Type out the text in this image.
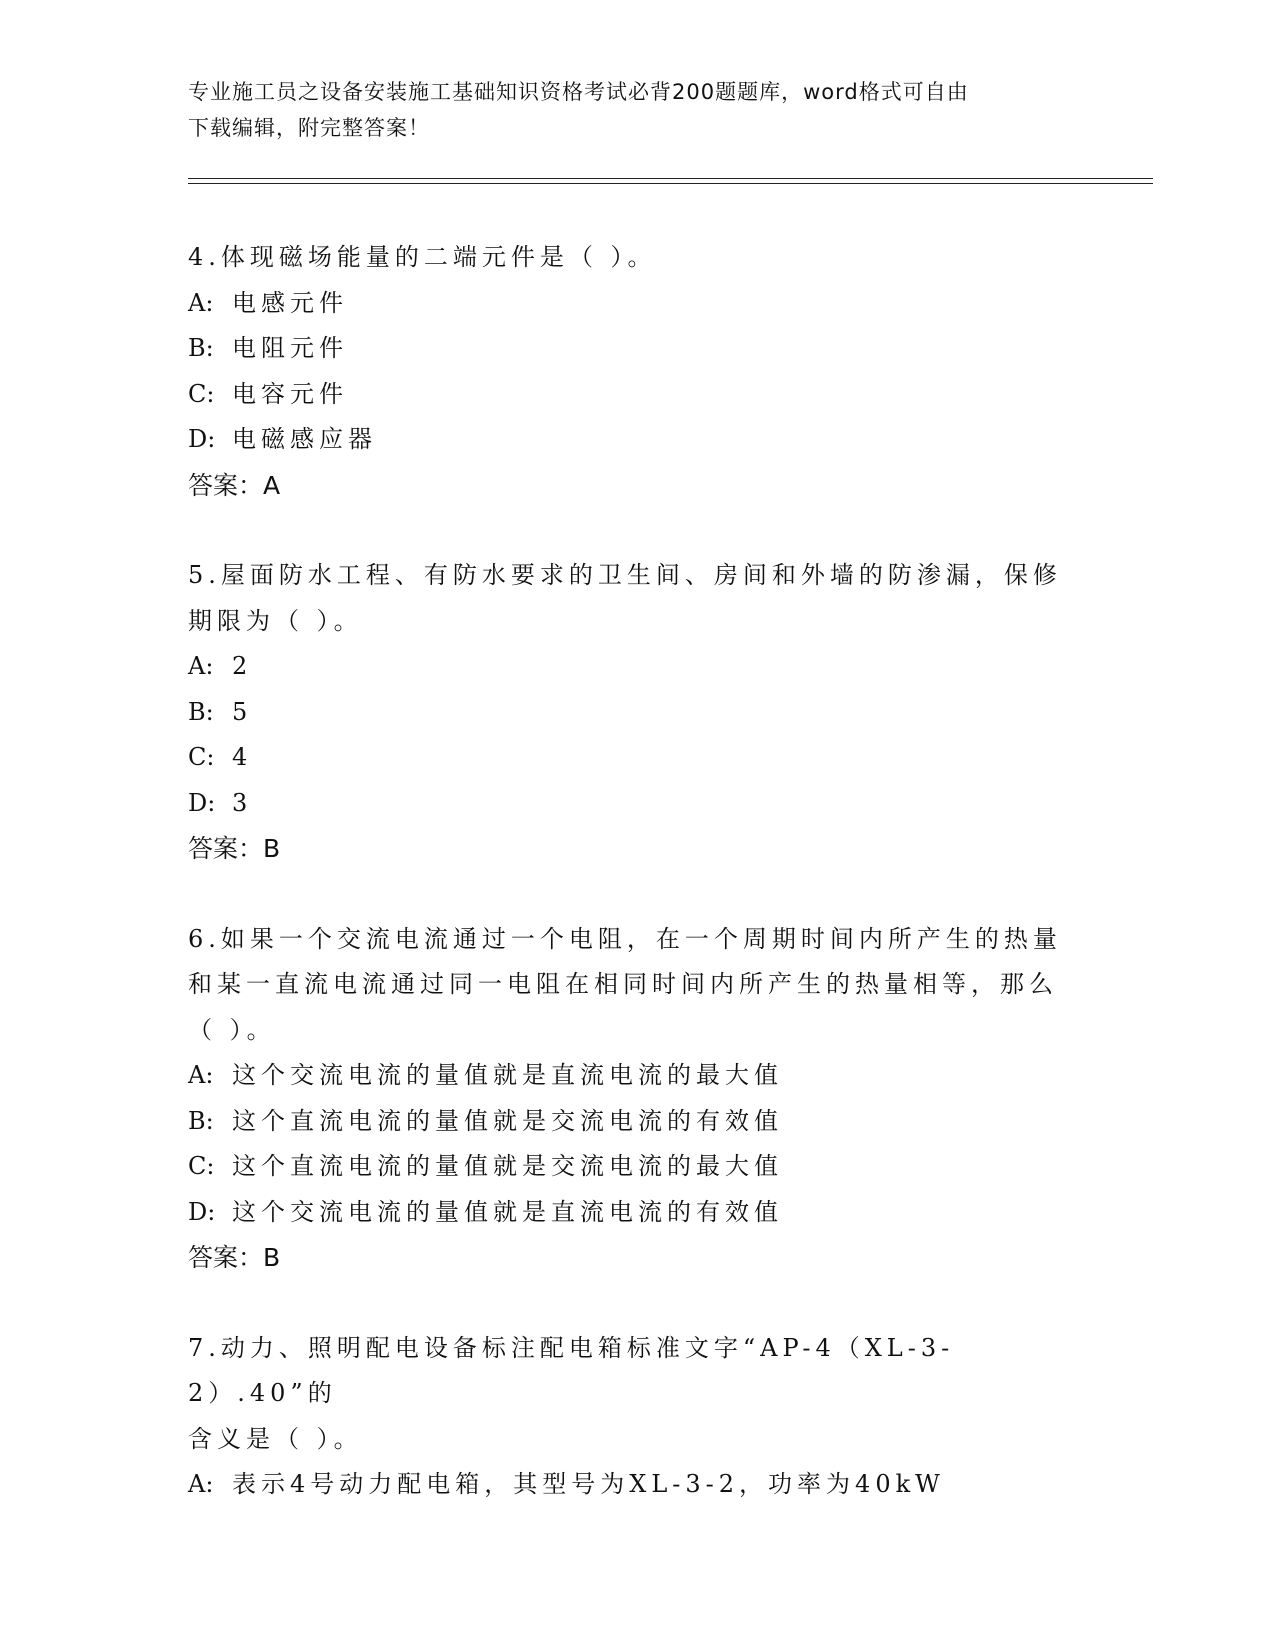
专业施工员之设备安装施工基础知识资格考试必背200题题库，word格式可自由
下载编辑，附完整答案！

4.体现磁场能量的二端元件是（ ）。

A: 电感元件

B: 电阻元件

C: 电容元件

D: 电磁感应器

答案：A

5.屋面防水工程、有防水要求的卫生间、房间和外墙的防渗漏，保修

期限为（ ）。

A: 2

B: 5

C: 4

D: 3

答案：B

6.如果一个交流电流通过一个电阻，在一个周期时间内所产生的热量

和某一直流电流通过同一电阻在相同时间内所产生的热量相等，那么

（ ）。

A: 这个交流电流的量值就是直流电流的最大值

B: 这个直流电流的量值就是交流电流的有效值

C: 这个直流电流的量值就是交流电流的最大值

D: 这个交流电流的量值就是直流电流的有效值

答案：B

7.动力、照明配电设备标注配电箱标准文字“AP-4（XL-3-2）.40”的

含义是（ ）。

A: 表示4号动力配电箱，其型号为XL-3-2，功率为40kW
